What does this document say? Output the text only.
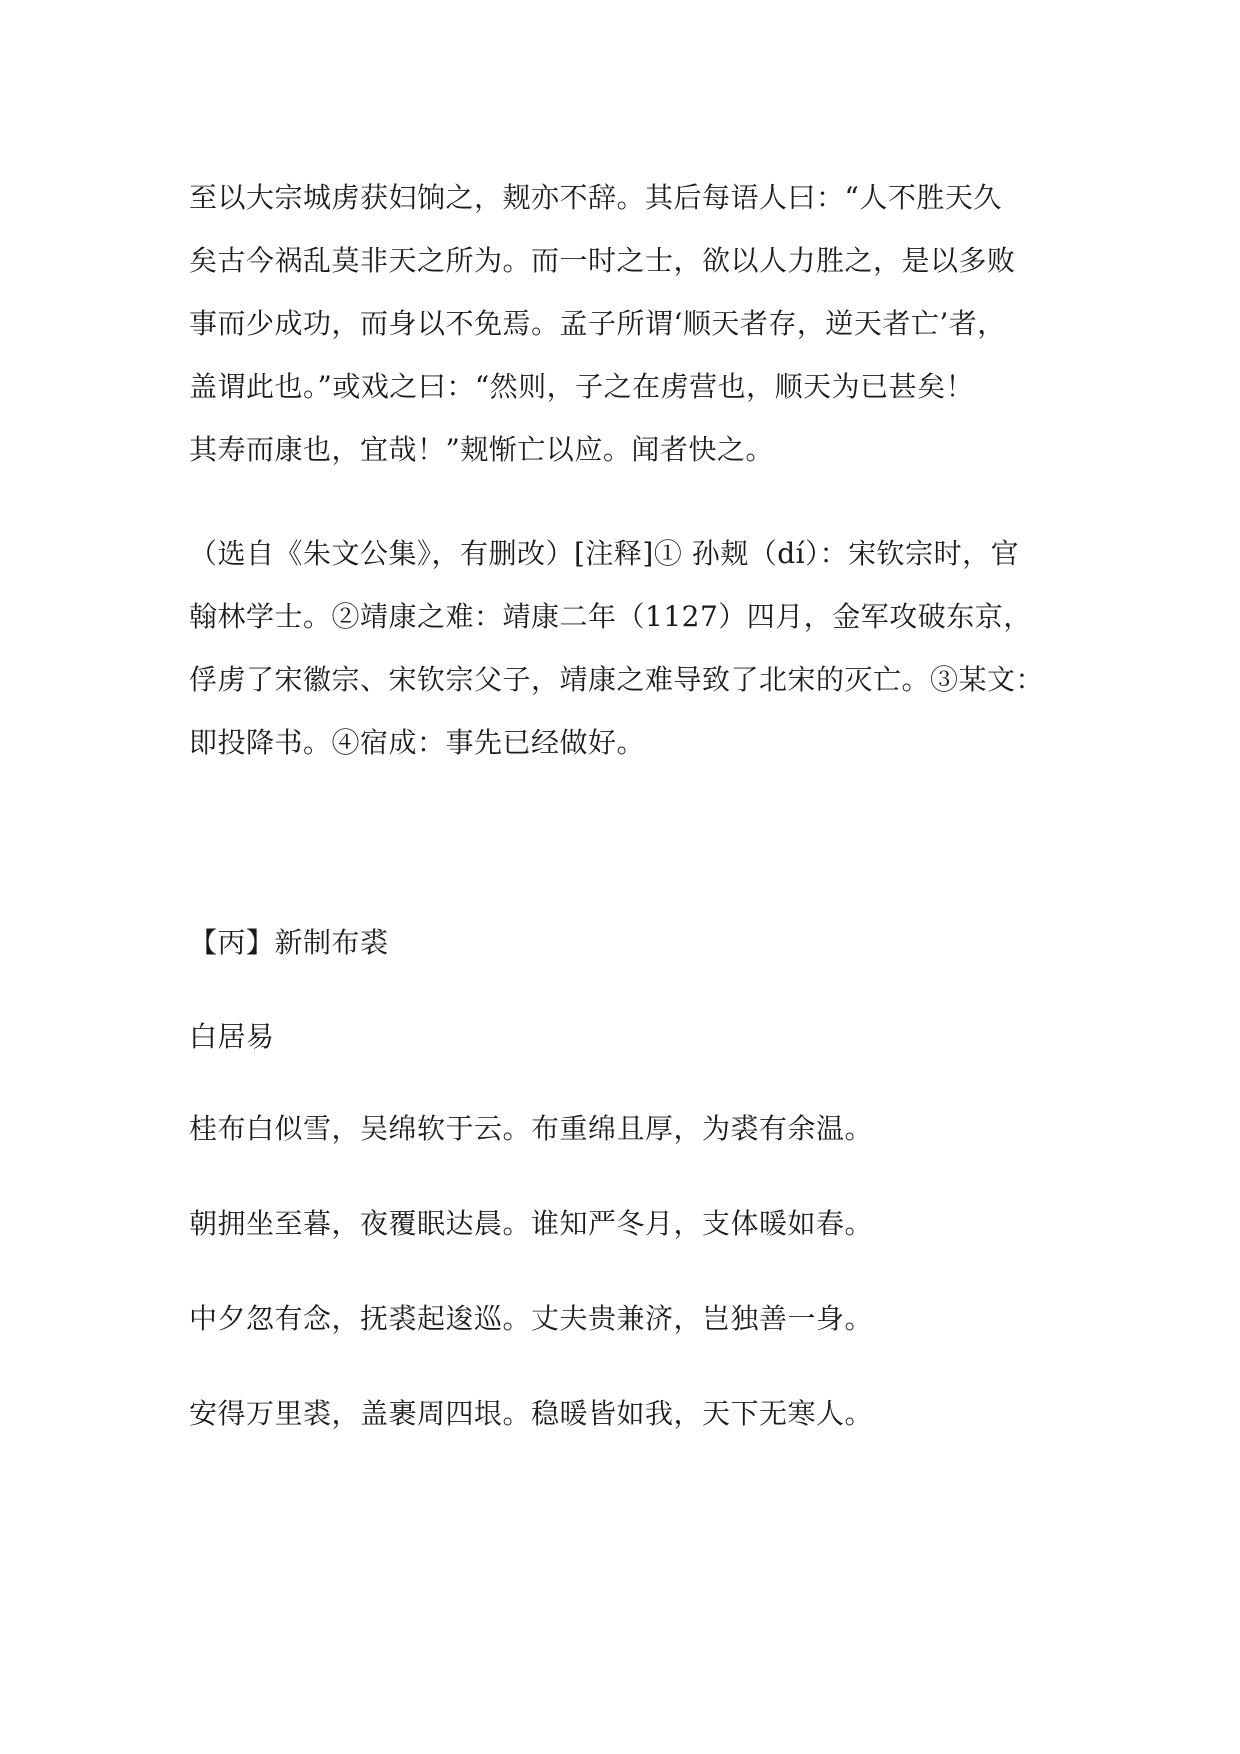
至以大宗城虏获妇饷之，觌亦不辞。其后每语人曰：“人不胜天久
矣古今祸乱莫非天之所为。而一时之士，欲以人力胜之，是以多败
事而少成功，而身以不免焉。孟子所谓‘顺天者存，逆天者亡’者，
盖谓此也。”或戏之曰：“然则，子之在虏营也，顺天为已甚矣！
其寿而康也，宜哉！”觌惭亡以应。闻者快之。
（选自《朱文公集》，有删改）[注释]① 孙觌（dí）：宋钦宗时，官
翰林学士。②靖康之难：靖康二年（1127）四月，金军攻破东京，
俘虏了宋徽宗、宋钦宗父子，靖康之难导致了北宋的灭亡。③某文：
即投降书。④宿成：事先已经做好。
【丙】新制布裘
白居易
桂布白似雪，吴绵软于云。布重绵且厚，为裘有余温。
朝拥坐至暮，夜覆眠达晨。谁知严冬月，支体暖如春。
中夕忽有念，抚裘起逡巡。丈夫贵兼济，岂独善一身。
安得万里裘，盖裹周四垠。稳暖皆如我，天下无寒人。
